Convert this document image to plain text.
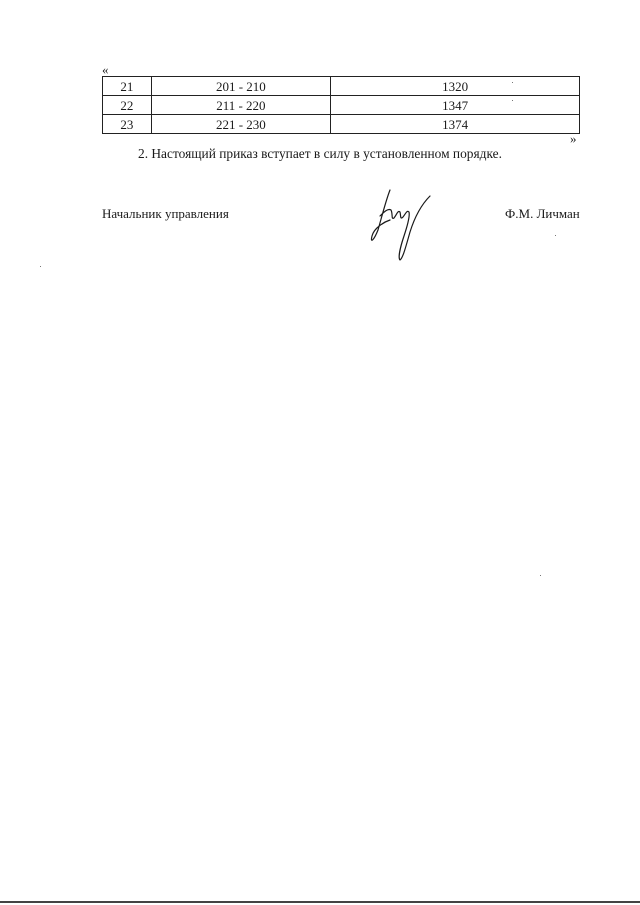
«
21	201 - 210	1320
22	211 - 220	1347
23	221 - 230	1374
»
2. Настоящий приказ вступает в силу в установленном порядке.
Начальник управления	Ф.М. Личман
